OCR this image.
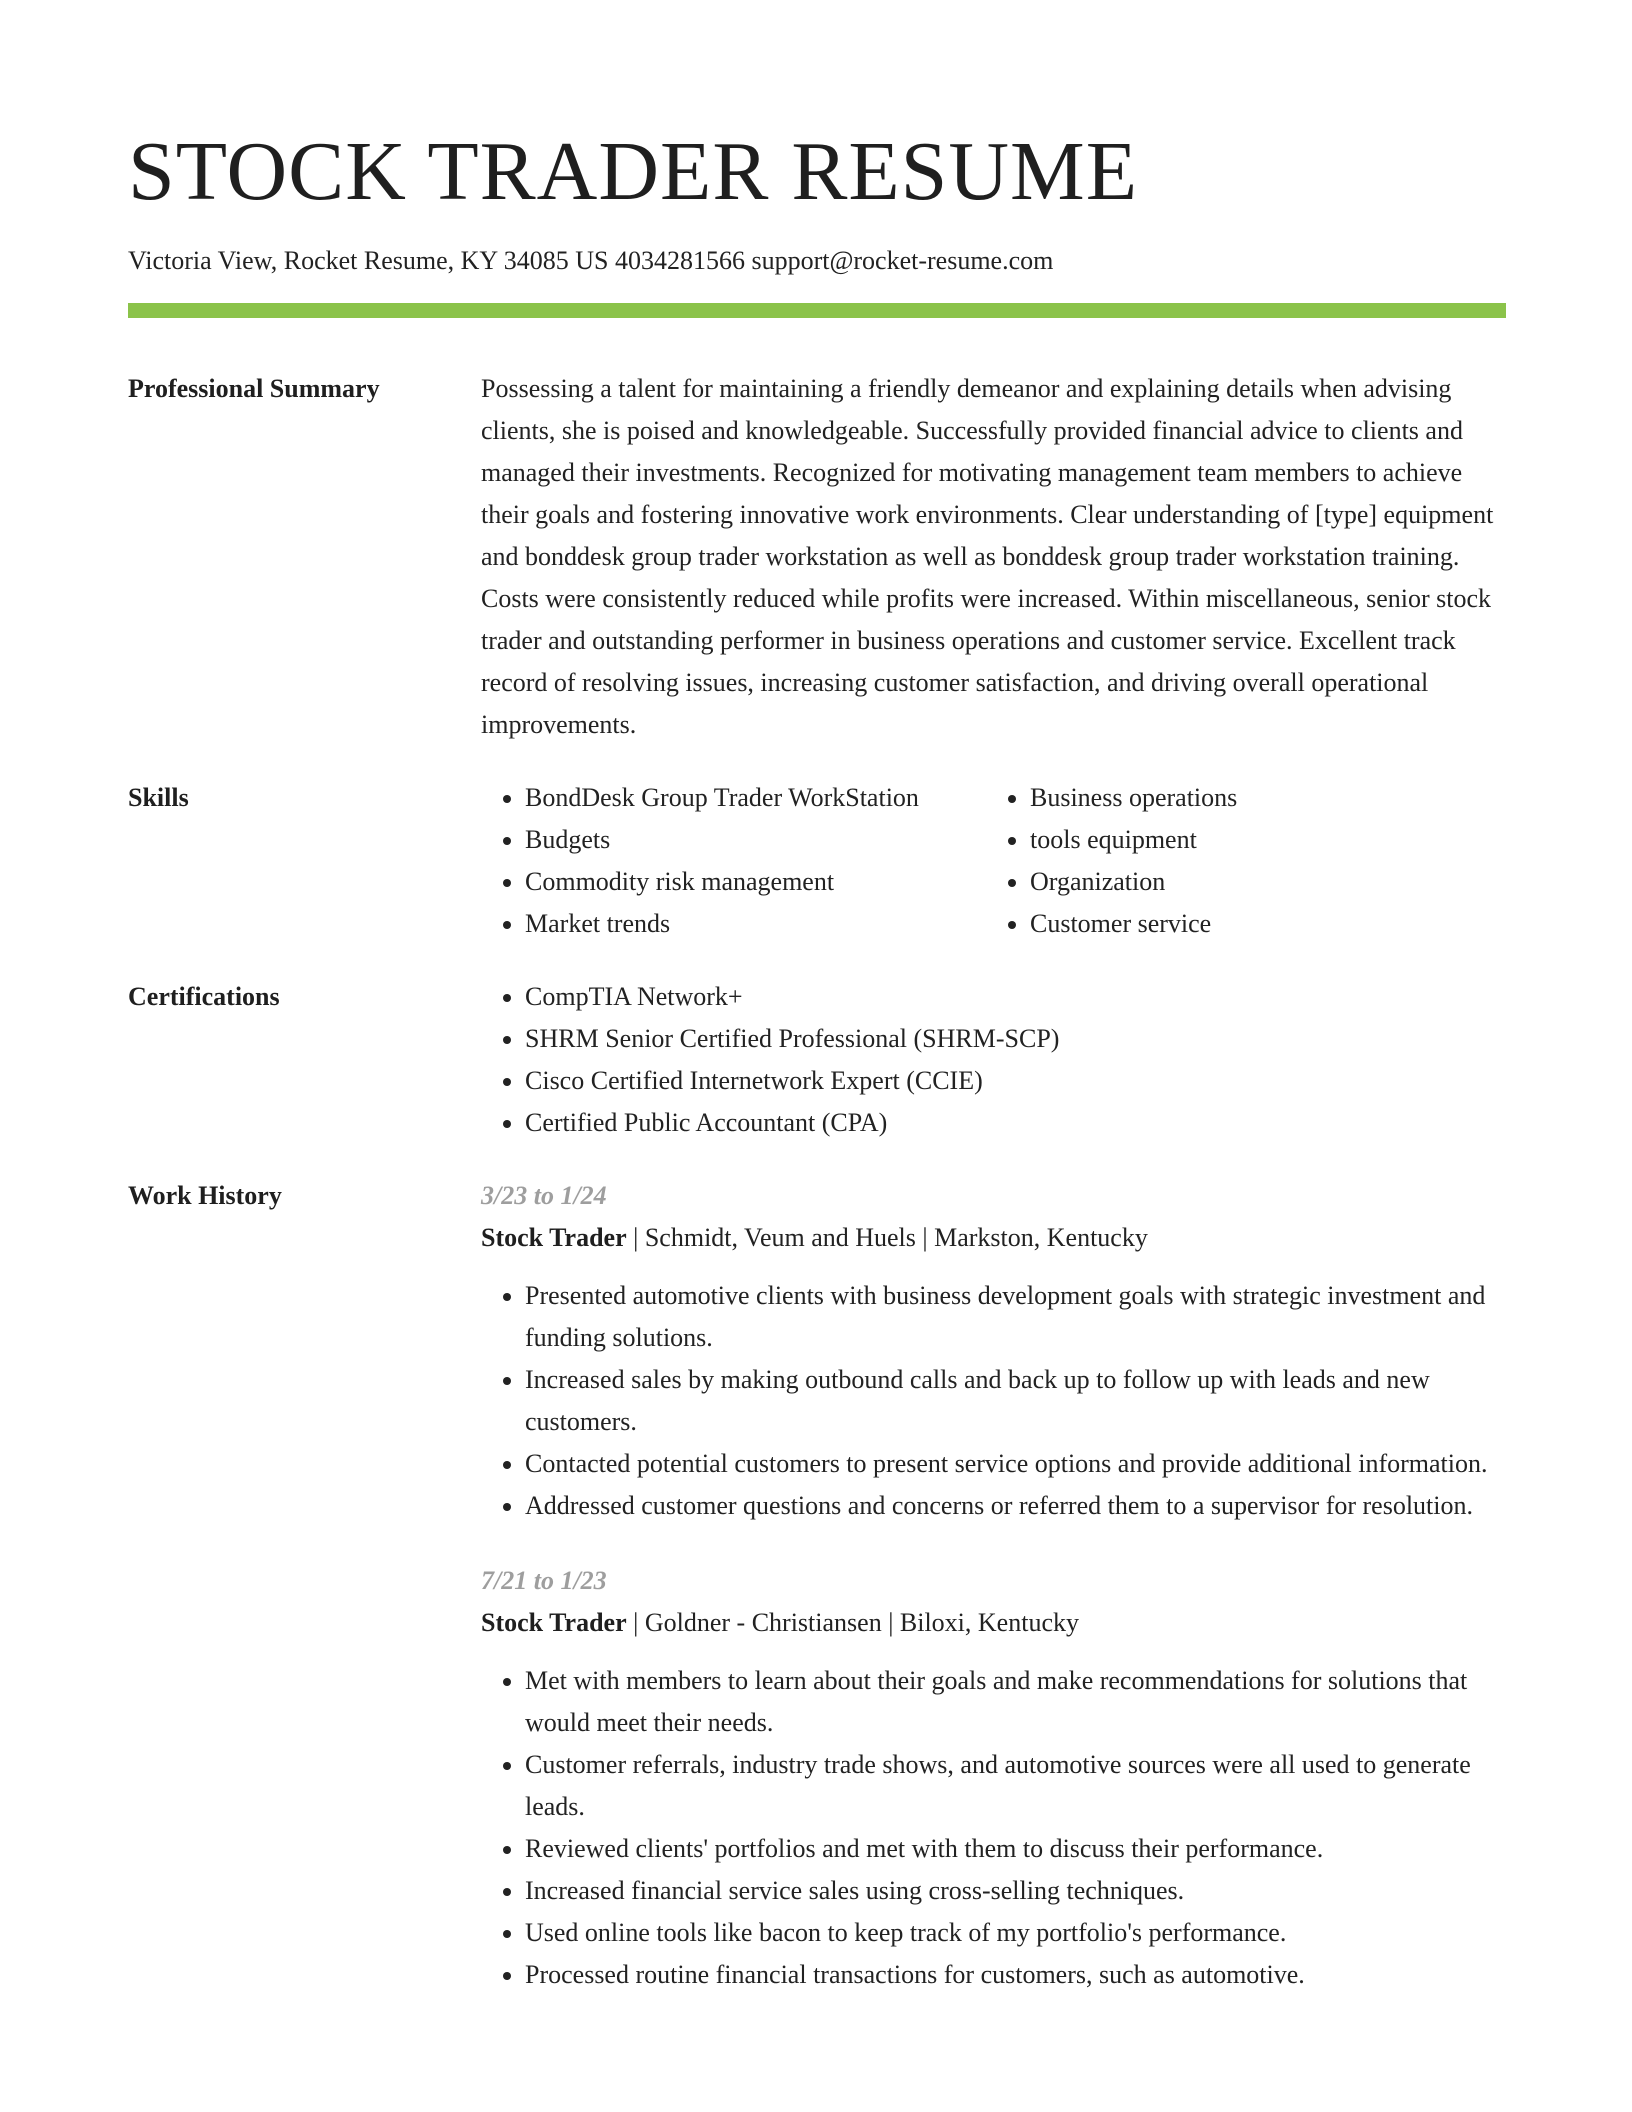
STOCK TRADER RESUME
Victoria View, Rocket Resume, KY 34085 US 4034281566 support@rocket-resume.com
Professional Summary	Possessing a talent for maintaining a friendly demeanor and explaining details when advising clients, she is poised and knowledgeable. Successfully provided financial advice to clients and managed their investments. Recognized for motivating management team members to achieve their goals and fostering innovative work environments. Clear understanding of [type] equipment and bonddesk group trader workstation as well as bonddesk group trader workstation training. Costs were consistently reduced while profits were increased. Within miscellaneous, senior stock trader and outstanding performer in business operations and customer service. Excellent track record of resolving issues, increasing customer satisfaction, and driving overall operational improvements.

Skills	• BondDesk Group Trader WorkStation
• Budgets
• Commodity risk management
• Market trends
• Business operations
• tools equipment
• Organization
• Customer service
Certifications	• CompTIA Network+
• SHRM Senior Certified Professional (SHRM-SCP)
• Cisco Certified Internetwork Expert (CCIE)
• Certified Public Accountant (CPA)
Work History	3/23 to 1/24
Stock Trader | Schmidt, Veum and Huels | Markston, Kentucky
• Presented automotive clients with business development goals with strategic investment and funding solutions.
• Increased sales by making outbound calls and back up to follow up with leads and new customers.
• Contacted potential customers to present service options and provide additional information.
• Addressed customer questions and concerns or referred them to a supervisor for resolution.
7/21 to 1/23
Stock Trader | Goldner - Christiansen | Biloxi, Kentucky
• Met with members to learn about their goals and make recommendations for solutions that would meet their needs.
• Customer referrals, industry trade shows, and automotive sources were all used to generate leads.
• Reviewed clients' portfolios and met with them to discuss their performance.
• Increased financial service sales using cross-selling techniques.
• Used online tools like bacon to keep track of my portfolio's performance.
• Processed routine financial transactions for customers, such as automotive.
